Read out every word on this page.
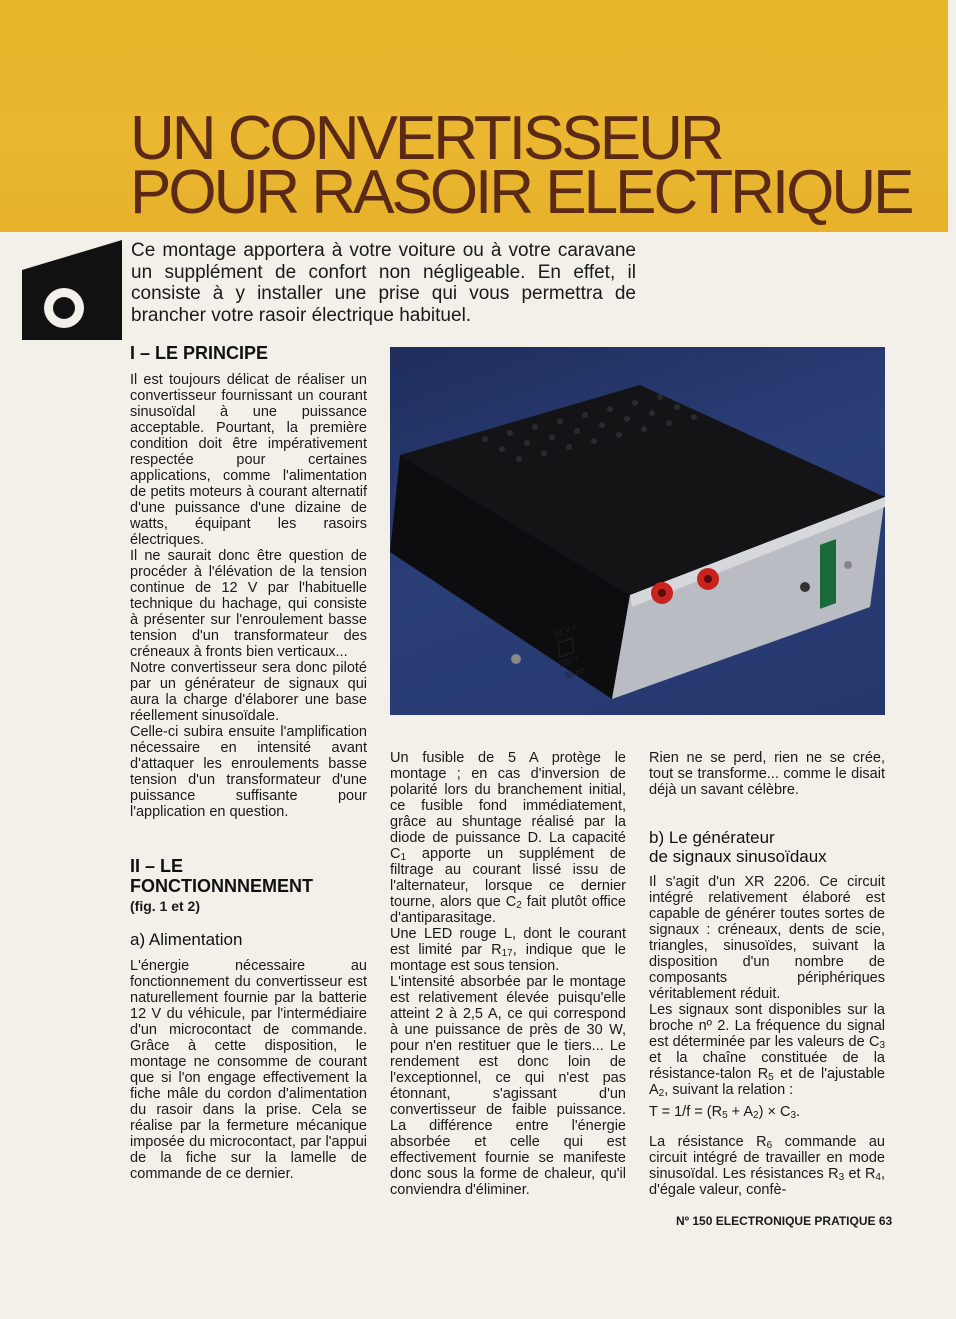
UN CONVERTISSEUR
POUR RASOIR ELECTRIQUE

Ce montage apportera à votre voiture ou à votre caravane un supplément de confort non négligeable. En effet, il consiste à y installer une prise qui vous permettra de brancher votre rasoir électrique habituel.

I – LE PRINCIPE

Il est toujours délicat de réaliser un convertisseur fournissant un courant sinusoïdal à une puissance acceptable. Pourtant, la première condition doit être impérativement respectée pour certaines applications, comme l'alimentation de petits moteurs à courant alternatif d'une puissance d'une dizaine de watts, équipant les rasoirs électriques.

Il ne saurait donc être question de procéder à l'élévation de la tension continue de 12 V par l'habituelle technique du hachage, qui consiste à présenter sur l'enroulement basse tension d'un transformateur des créneaux à fronts bien verticaux...

Notre convertisseur sera donc piloté par un générateur de signaux qui aura la charge d'élaborer une base réellement sinusoïdale.

Celle-ci subira ensuite l'amplification nécessaire en intensité avant d'attaquer les enroulements basse tension d'un transformateur d'une puissance suffisante pour l'application en question.

II – LE FONCTIONNNEMENT
(fig. 1 et 2)
a) Alimentation

L'énergie nécessaire au fonctionnement du convertisseur est naturellement fournie par la batterie 12 V du véhicule, par l'intermédiaire d'un microcontact de commande. Grâce à cette disposition, le montage ne consomme de courant que si l'on engage effectivement la fiche mâle du cordon d'alimentation du rasoir dans la prise. Cela se réalise par la fermeture mécanique imposée du microcontact, par l'appui de la fiche sur la lamelle de commande de ce dernier.

12 V =
220 V
50 Hz

Un fusible de 5 A protège le montage ; en cas d'inversion de polarité lors du branchement initial, ce fusible fond immédiatement, grâce au shuntage réalisé par la diode de puissance D. La capacité $C_1$ apporte un supplément de filtrage au courant lissé issu de l'alternateur, lorsque ce dernier tourne, alors que $C_2$ fait plutôt office d'antiparasitage.

Une LED rouge L, dont le courant est limité par $R_{17}$, indique que le montage est sous tension.

L'intensité absorbée par le montage est relativement élevée puisqu'elle atteint 2 à 2,5 A, ce qui correspond à une puissance de près de 30 W, pour n'en restituer que le tiers... Le rendement est donc loin de l'exceptionnel, ce qui n'est pas étonnant, s'agissant d'un convertisseur de faible puissance. La différence entre l'énergie absorbée et celle qui est effectivement fournie se manifeste donc sous la forme de chaleur, qu'il conviendra d'éliminer.

Rien ne se perd, rien ne se crée, tout se transforme... comme le disait déjà un savant célèbre.

b) Le générateur
de signaux sinusoïdaux

Il s'agit d'un XR 2206. Ce circuit intégré relativement élaboré est capable de générer toutes sortes de signaux : créneaux, dents de scie, triangles, sinusoïdes, suivant la disposition d'un nombre de composants périphériques véritablement réduit.

Les signaux sont disponibles sur la broche nº 2. La fréquence du signal est déterminée par les valeurs de $C_3$ et la chaîne constituée de la résistance-talon $R_5$ et de l'ajustable $A_2$, suivant la relation :

$T = 1/f = (R_5 + A_2) \times C_3$.

La résistance $R_6$ commande au circuit intégré de travailler en mode sinusoïdal. Les résistances $R_3$ et $R_4$, d'égale valeur, confè-

Nº 150 ELECTRONIQUE PRATIQUE 63
